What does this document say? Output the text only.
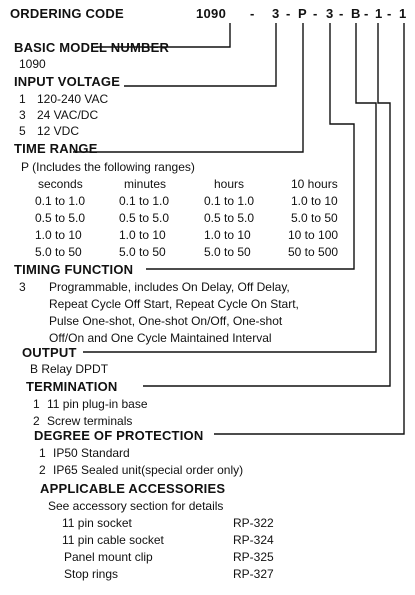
ORDERING CODE	1090 - 3 - P - 3 - B - 1 - 1
BASIC MODEL NUMBER
1090
INPUT VOLTAGE
1 120-240 VAC
3 24 VAC/DC
5 12 VDC
TIME RANGE
P (Includes the following ranges)
seconds	minutes	hours	10 hours
0.1 to 1.0	0.1 to 1.0	0.1 to 1.0	1.0 to 10
0.5 to 5.0	0.5 to 5.0	0.5 to 5.0	5.0 to 50
1.0 to 10	1.0 to 10	1.0 to 10	10 to 100
5.0 to 50	5.0 to 50	5.0 to 50	50 to 500
TIMING FUNCTION
3 Programmable, includes On Delay, Off Delay,
Repeat Cycle Off Start, Repeat Cycle On Start,
Pulse One-shot, One-shot On/Off, One-shot
Off/On and One Cycle Maintained Interval
OUTPUT
B Relay DPDT
TERMINATION
1 11 pin plug-in base
2 Screw terminals
DEGREE OF PROTECTION
1 IP50 Standard
2 IP65 Sealed unit(special order only)
APPLICABLE ACCESSORIES
See accessory section for details
11 pin socket	RP-322
11 pin cable socket	RP-324
Panel mount clip	RP-325
Stop rings	RP-327
